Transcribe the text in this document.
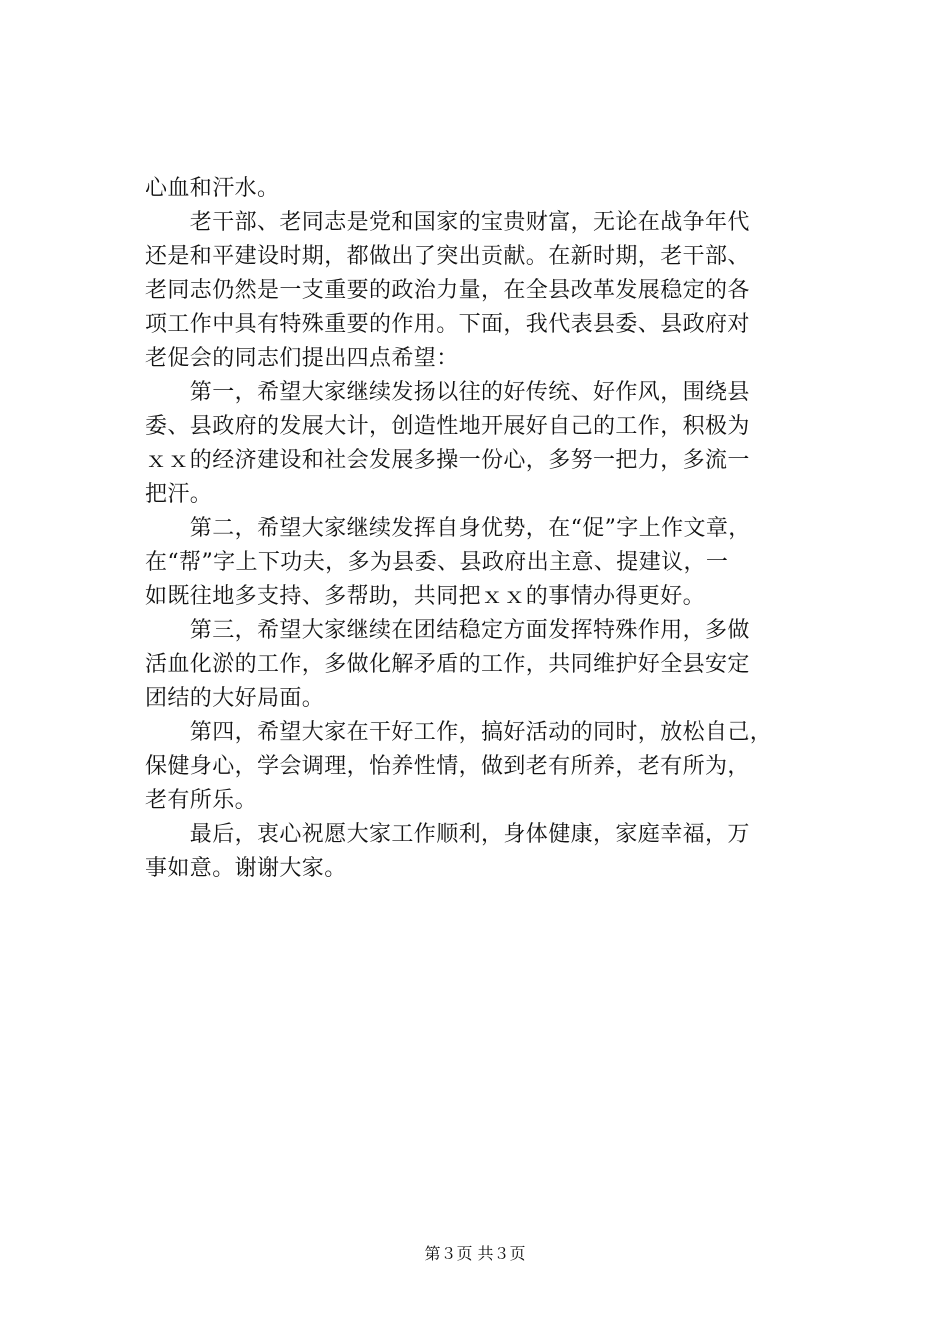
心血和汗水。
　　老干部、老同志是党和国家的宝贵财富，无论在战争年代
还是和平建设时期，都做出了突出贡献。在新时期，老干部、
老同志仍然是一支重要的政治力量，在全县改革发展稳定的各
项工作中具有特殊重要的作用。下面，我代表县委、县政府对
老促会的同志们提出四点希望：
　　第一，希望大家继续发扬以往的好传统、好作风，围绕县
委、县政府的发展大计，创造性地开展好自己的工作，积极为
ｘｘ的经济建设和社会发展多操一份心，多努一把力，多流一
把汗。
　　第二，希望大家继续发挥自身优势，在“促”字上作文章，
在“帮”字上下功夫，多为县委、县政府出主意、提建议，一
如既往地多支持、多帮助，共同把ｘｘ的事情办得更好。
　　第三，希望大家继续在团结稳定方面发挥特殊作用，多做
活血化淤的工作，多做化解矛盾的工作，共同维护好全县安定
团结的大好局面。
　　第四，希望大家在干好工作，搞好活动的同时，放松自己，
保健身心，学会调理，怡养性情，做到老有所养，老有所为，
老有所乐。
　　最后，衷心祝愿大家工作顺利，身体健康，家庭幸福，万
事如意。谢谢大家。
第３页 共３页
